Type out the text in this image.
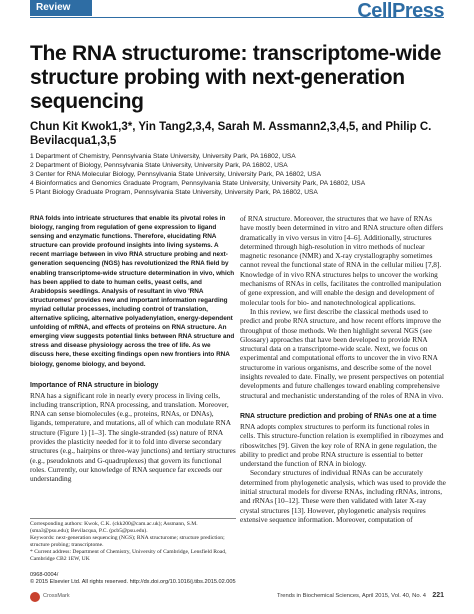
Review	CellPress
The RNA structurome: transcriptome-wide structure probing with next-generation sequencing
Chun Kit Kwok1,3*, Yin Tang2,3,4, Sarah M. Assmann2,3,4,5, and Philip C. Bevilacqua1,3,5
1 Department of Chemistry, Pennsylvania State University, University Park, PA 16802, USA
2 Department of Biology, Pennsylvania State University, University Park, PA 16802, USA
3 Center for RNA Molecular Biology, Pennsylvania State University, University Park, PA 16802, USA
4 Bioinformatics and Genomics Graduate Program, Pennsylvania State University, University Park, PA 16802, USA
5 Plant Biology Graduate Program, Pennsylvania State University, University Park, PA 16802, USA

RNA folds into intricate structures that enable its pivotal roles in biology, ranging from regulation of gene expression to ligand sensing and enzymatic functions. Therefore, elucidating RNA structure can provide profound insights into living systems. A recent marriage between in vivo RNA structure probing and next-generation sequencing (NGS) has revolutionized the RNA field by enabling transcriptome-wide structure determination in vivo, which has been applied to date to human cells, yeast cells, and Arabidopsis seedlings. Analysis of resultant in vivo 'RNA structuromes' provides new and important information regarding myriad cellular processes, including control of translation, alternative splicing, alternative polyadenylation, energy-dependent unfolding of mRNA, and effects of proteins on RNA structure. An emerging view suggests potential links between RNA structure and stress and disease physiology across the tree of life. As we discuss here, these exciting findings open new frontiers into RNA biology, genome biology, and beyond.

Importance of RNA structure in biology

RNA has a significant role in nearly every process in living cells, including transcription, RNA processing, and translation. Moreover, RNA can sense biomolecules (e.g., proteins, RNAs, or DNAs), ligands, temperature, and mutations, all of which can modulate RNA structure (Figure 1) [1–3]. The single-stranded (ss) nature of RNA provides the plasticity needed for it to fold into diverse secondary structures (e.g., hairpins or three-way junctions) and tertiary structures (e.g., pseudoknots and G-quadruplexes) that govern its functional roles. Currently, our knowledge of RNA sequence far exceeds our understanding

of RNA structure. Moreover, the structures that we have of RNAs have mostly been determined in vitro and RNA structure often differs dramatically in vivo versus in vitro [4–6]. Additionally, structures determined through high-resolution in vitro methods of nuclear magnetic resonance (NMR) and X-ray crystallography sometimes cannot reveal the functional state of RNA in the cellular milieu [7,8]. Knowledge of in vivo RNA structures helps to uncover the working mechanisms of RNAs in cells, facilitates the controlled manipulation of gene expression, and will enable the design and development of molecular tools for bio- and nanotechnological applications.

In this review, we first describe the classical methods used to predict and probe RNA structure, and how recent efforts improve the throughput of those methods. We then highlight several NGS (see Glossary) approaches that have been developed to provide RNA structural data on a transcriptome-wide scale. Next, we focus on experimental and computational efforts to uncover the in vivo RNA structurome in various organisms, and describe some of the novel insights revealed to date. Finally, we present perspectives on potential developments and future challenges toward enabling comprehensive structural and mechanistic understanding of the roles of RNA in vivo.

RNA structure prediction and probing of RNAs one at a time

RNA adopts complex structures to perform its functional roles in cells. This structure-function relation is exemplified in ribozymes and riboswitches [9]. Given the key role of RNA in gene regulation, the ability to predict and probe RNA structure is essential to better understand the function of RNA in biology.

Secondary structures of individual RNAs can be accurately determined from phylogenetic analysis, which was used to provide the initial structural models for diverse RNAs, including rRNAs, introns, and rRNAs [10–12]. These were then validated with later X-ray crystal structures [13]. However, phylogenetic analysis requires extensive sequence information. Moreover, computation of

Corresponding authors: Kwok, C.K. (ckk200@cam.ac.uk); Assmann, S.M. (sma3@psu.edu); Bevilacqua, P.C. (pcb5@psu.edu).
Keywords: next-generation sequencing (NGS); RNA structurome; structure prediction; structure probing; transcriptome.
* Current address: Department of Chemistry, University of Cambridge, Lensfield Road, Cambridge CB2 1EW, UK
0968-0004/
© 2015 Elsevier Ltd. All rights reserved. http://dx.doi.org/10.1016/j.tibs.2015.02.005
CrossMark	Trends in Biochemical Sciences, April 2015, Vol. 40, No. 4 221
